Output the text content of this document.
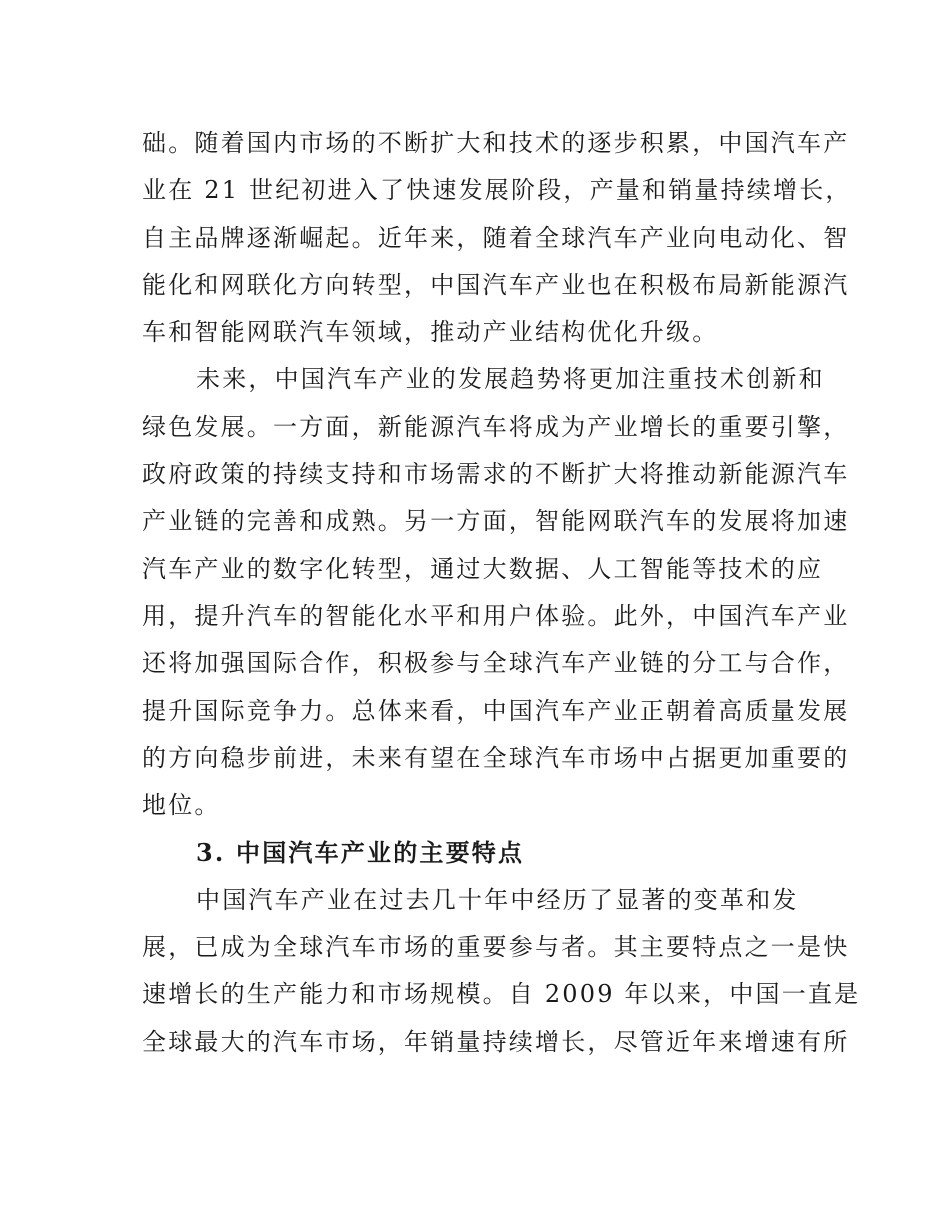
础。随着国内市场的不断扩大和技术的逐步积累，中国汽车产
业在 21 世纪初进入了快速发展阶段，产量和销量持续增长，
自主品牌逐渐崛起。近年来，随着全球汽车产业向电动化、智
能化和网联化方向转型，中国汽车产业也在积极布局新能源汽
车和智能网联汽车领域，推动产业结构优化升级。
未来，中国汽车产业的发展趋势将更加注重技术创新和
绿色发展。一方面，新能源汽车将成为产业增长的重要引擎，
政府政策的持续支持和市场需求的不断扩大将推动新能源汽车
产业链的完善和成熟。另一方面，智能网联汽车的发展将加速
汽车产业的数字化转型，通过大数据、人工智能等技术的应
用，提升汽车的智能化水平和用户体验。此外，中国汽车产业
还将加强国际合作，积极参与全球汽车产业链的分工与合作，
提升国际竞争力。总体来看，中国汽车产业正朝着高质量发展
的方向稳步前进，未来有望在全球汽车市场中占据更加重要的
地位。
3. 中国汽车产业的主要特点
中国汽车产业在过去几十年中经历了显著的变革和发
展，已成为全球汽车市场的重要参与者。其主要特点之一是快
速增长的生产能力和市场规模。自 2009 年以来，中国一直是
全球最大的汽车市场，年销量持续增长，尽管近年来增速有所
